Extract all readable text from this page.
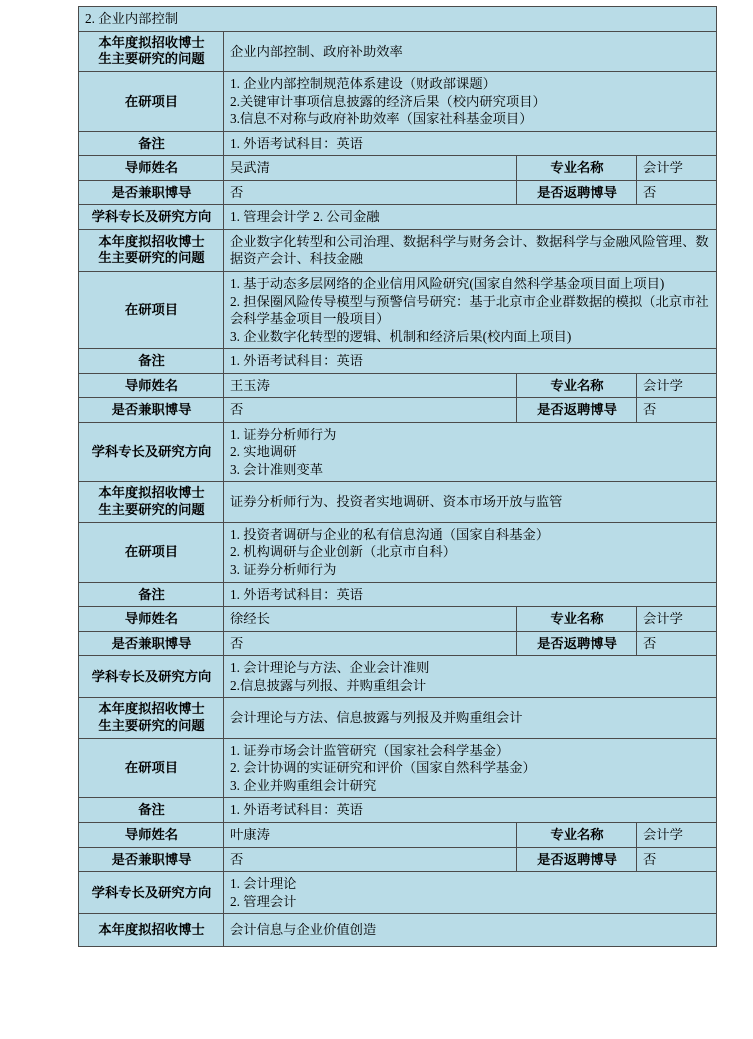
2. 企业内部控制			

本年度拟招收博士
生主要研究的问题	企业内部控制、政府补助效率		
在研项目	1. 企业内部控制规范体系建设（财政部课题）
2.关键审计事项信息披露的经济后果（校内研究项目）
3.信息不对称与政府补助效率（国家社科基金项目）		

备注	1. 外语考试科目：英语		
导师姓名	吴武清	专业名称	会计学
是否兼职博导	否	是否返聘博导	否
学科专长及研究方向	1. 管理会计学 2. 公司金融		

本年度拟招收博士
生主要研究的问题	企业数字化转型和公司治理、数据科学与财务会计、数据科学与金融风险管理、数据资产会计、科技金融		
在研项目	1. 基于动态多层网络的企业信用风险研究(国家自然科学基金项目面上项目)
2. 担保圈风险传导模型与预警信号研究：基于北京市企业群数据的模拟（北京市社会科学基金项目一般项目）
3. 企业数字化转型的逻辑、机制和经济后果(校内面上项目)		

备注	1. 外语考试科目：英语		
导师姓名	王玉涛	专业名称	会计学
是否兼职博导	否	是否返聘博导	否
学科专长及研究方向	1. 证券分析师行为
2. 实地调研
3. 会计准则变革		

本年度拟招收博士
生主要研究的问题	证券分析师行为、投资者实地调研、资本市场开放与监管		
在研项目	1. 投资者调研与企业的私有信息沟通（国家自科基金）
2. 机构调研与企业创新（北京市自科）
3. 证券分析师行为		

备注	1. 外语考试科目：英语		
导师姓名	徐经长	专业名称	会计学
是否兼职博导	否	是否返聘博导	否
学科专长及研究方向	1. 会计理论与方法、企业会计准则
2.信息披露与列报、并购重组会计		

本年度拟招收博士
生主要研究的问题	会计理论与方法、信息披露与列报及并购重组会计		
在研项目	1. 证券市场会计监管研究（国家社会科学基金）
2. 会计协调的实证研究和评价（国家自然科学基金）
3. 企业并购重组会计研究		

备注	1. 外语考试科目：英语		
导师姓名	叶康涛	专业名称	会计学
是否兼职博导	否	是否返聘博导	否
学科专长及研究方向	1. 会计理论
2. 管理会计		

本年度拟招收博士	会计信息与企业价值创造		
